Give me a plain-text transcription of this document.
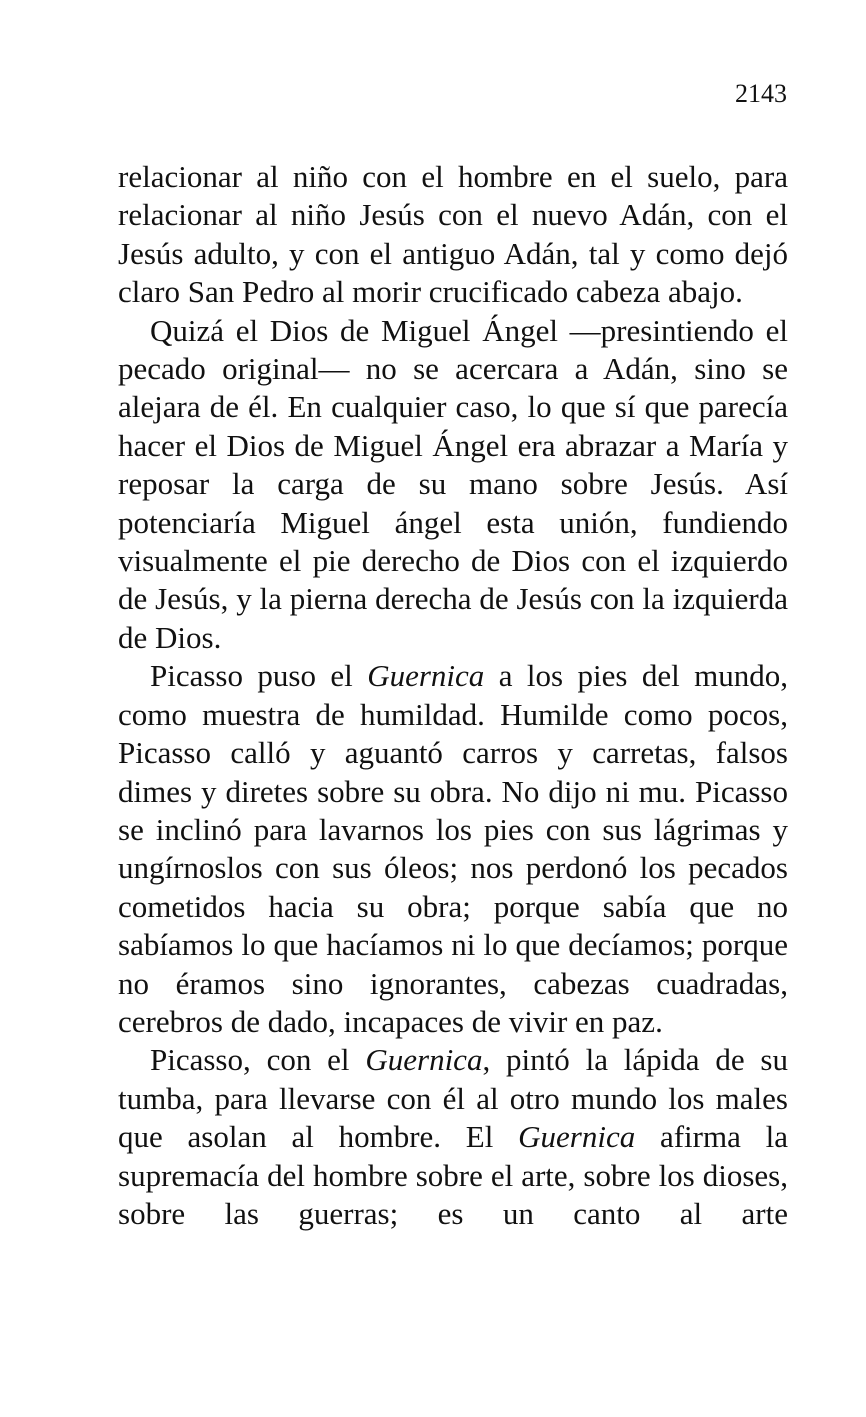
2143

relacionar al niño con el hombre en el suelo, para relacionar al niño Jesús con el nuevo Adán, con el Jesús adulto, y con el antiguo Adán, tal y como dejó claro San Pedro al morir crucificado cabeza abajo.

Quizá el Dios de Miguel Ángel —presintiendo el pecado original— no se acercara a Adán, sino se alejara de él. En cualquier caso, lo que sí que parecía hacer el Dios de Miguel Ángel era abrazar a María y reposar la carga de su mano sobre Jesús. Así potenciaría Miguel ángel esta unión, fundiendo visualmente el pie derecho de Dios con el izquierdo de Jesús, y la pierna derecha de Jesús con la izquierda de Dios.

Picasso puso el Guernica a los pies del mundo, como muestra de humildad. Humilde como pocos, Picasso calló y aguantó carros y carretas, falsos dimes y diretes sobre su obra. No dijo ni mu. Picasso se inclinó para lavarnos los pies con sus lágrimas y ungírnoslos con sus óleos; nos perdonó los pecados cometidos hacia su obra; porque sabía que no sabíamos lo que hacíamos ni lo que decíamos; porque no éramos sino ignorantes, cabezas cuadradas, cerebros de dado, incapaces de vivir en paz.

Picasso, con el Guernica, pintó la lápida de su tumba, para llevarse con él al otro mundo los males que asolan al hombre. El Guernica afirma la supremacía del hombre sobre el arte, sobre los dioses, sobre las guerras; es un canto al arte
